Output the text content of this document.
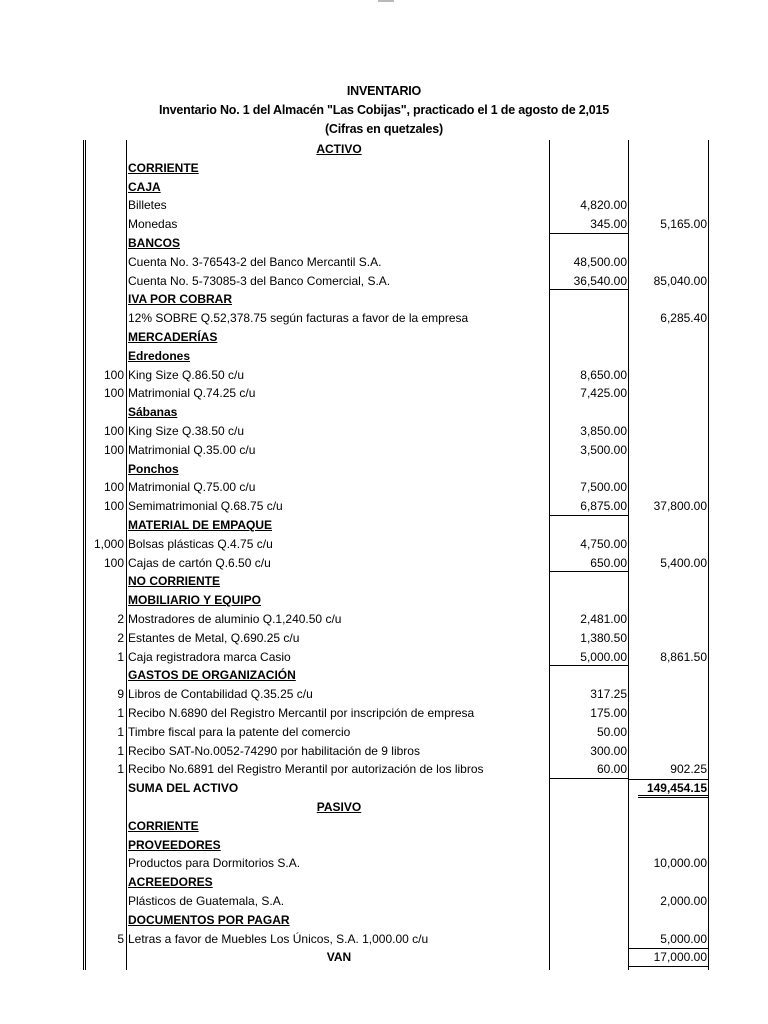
INVENTARIO
Inventario No. 1 del Almacén "Las Cobijas", practicado el 1 de agosto de 2,015
(Cifras en quetzales)
ACTIVO
CORRIENTE
CAJA
Billetes	4,820.00
Monedas	345.00	5,165.00
BANCOS
Cuenta No. 3-76543-2 del Banco Mercantil S.A.	48,500.00
Cuenta No. 5-73085-3 del Banco Comercial, S.A.	36,540.00 85,040.00
IVA POR COBRAR
12% SOBRE Q.52,378.75 según facturas a favor de la empresa	6,285.40
MERCADERÍAS
Edredones
100 King Size Q.86.50 c/u	8,650.00
100 Matrimonial Q.74.25 c/u	7,425.00
Sábanas
100 King Size Q.38.50 c/u	3,850.00
100 Matrimonial Q.35.00 c/u	3,500.00
Ponchos
100 Matrimonial Q.75.00 c/u	7,500.00
100 Semimatrimonial Q.68.75 c/u	6,875.00 37,800.00
MATERIAL DE EMPAQUE
1,000 Bolsas plásticas Q.4.75 c/u	4,750.00
100 Cajas de cartón Q.6.50 c/u	650.00	5,400.00
NO CORRIENTE
MOBILIARIO Y EQUIPO
2 Mostradores de aluminio Q.1,240.50 c/u	2,481.00
2 Estantes de Metal, Q.690.25 c/u	1,380.50
1 Caja registradora marca Casio	5,000.00	8,861.50
GASTOS DE ORGANIZACIÓN
9 Libros de Contabilidad Q.35.25 c/u	317.25
1 Recibo N.6890 del Registro Mercantil por inscripción de empresa	175.00
1 Timbre fiscal para la patente del comercio	50.00
1 Recibo SAT-No.0052-74290 por habilitación de 9 libros	300.00
1 Recibo No.6891 del Registro Merantil por autorización de los libros	60.00	902.25
SUMA DEL ACTIVO	149,454.15
PASIVO
CORRIENTE
PROVEEDORES
Productos para Dormitorios S.A.	10,000.00
ACREEDORES
Plásticos de Guatemala, S.A.	2,000.00
DOCUMENTOS POR PAGAR
5 Letras a favor de Muebles Los Únicos, S.A. 1,000.00 c/u	5,000.00
VAN	17,000.00
